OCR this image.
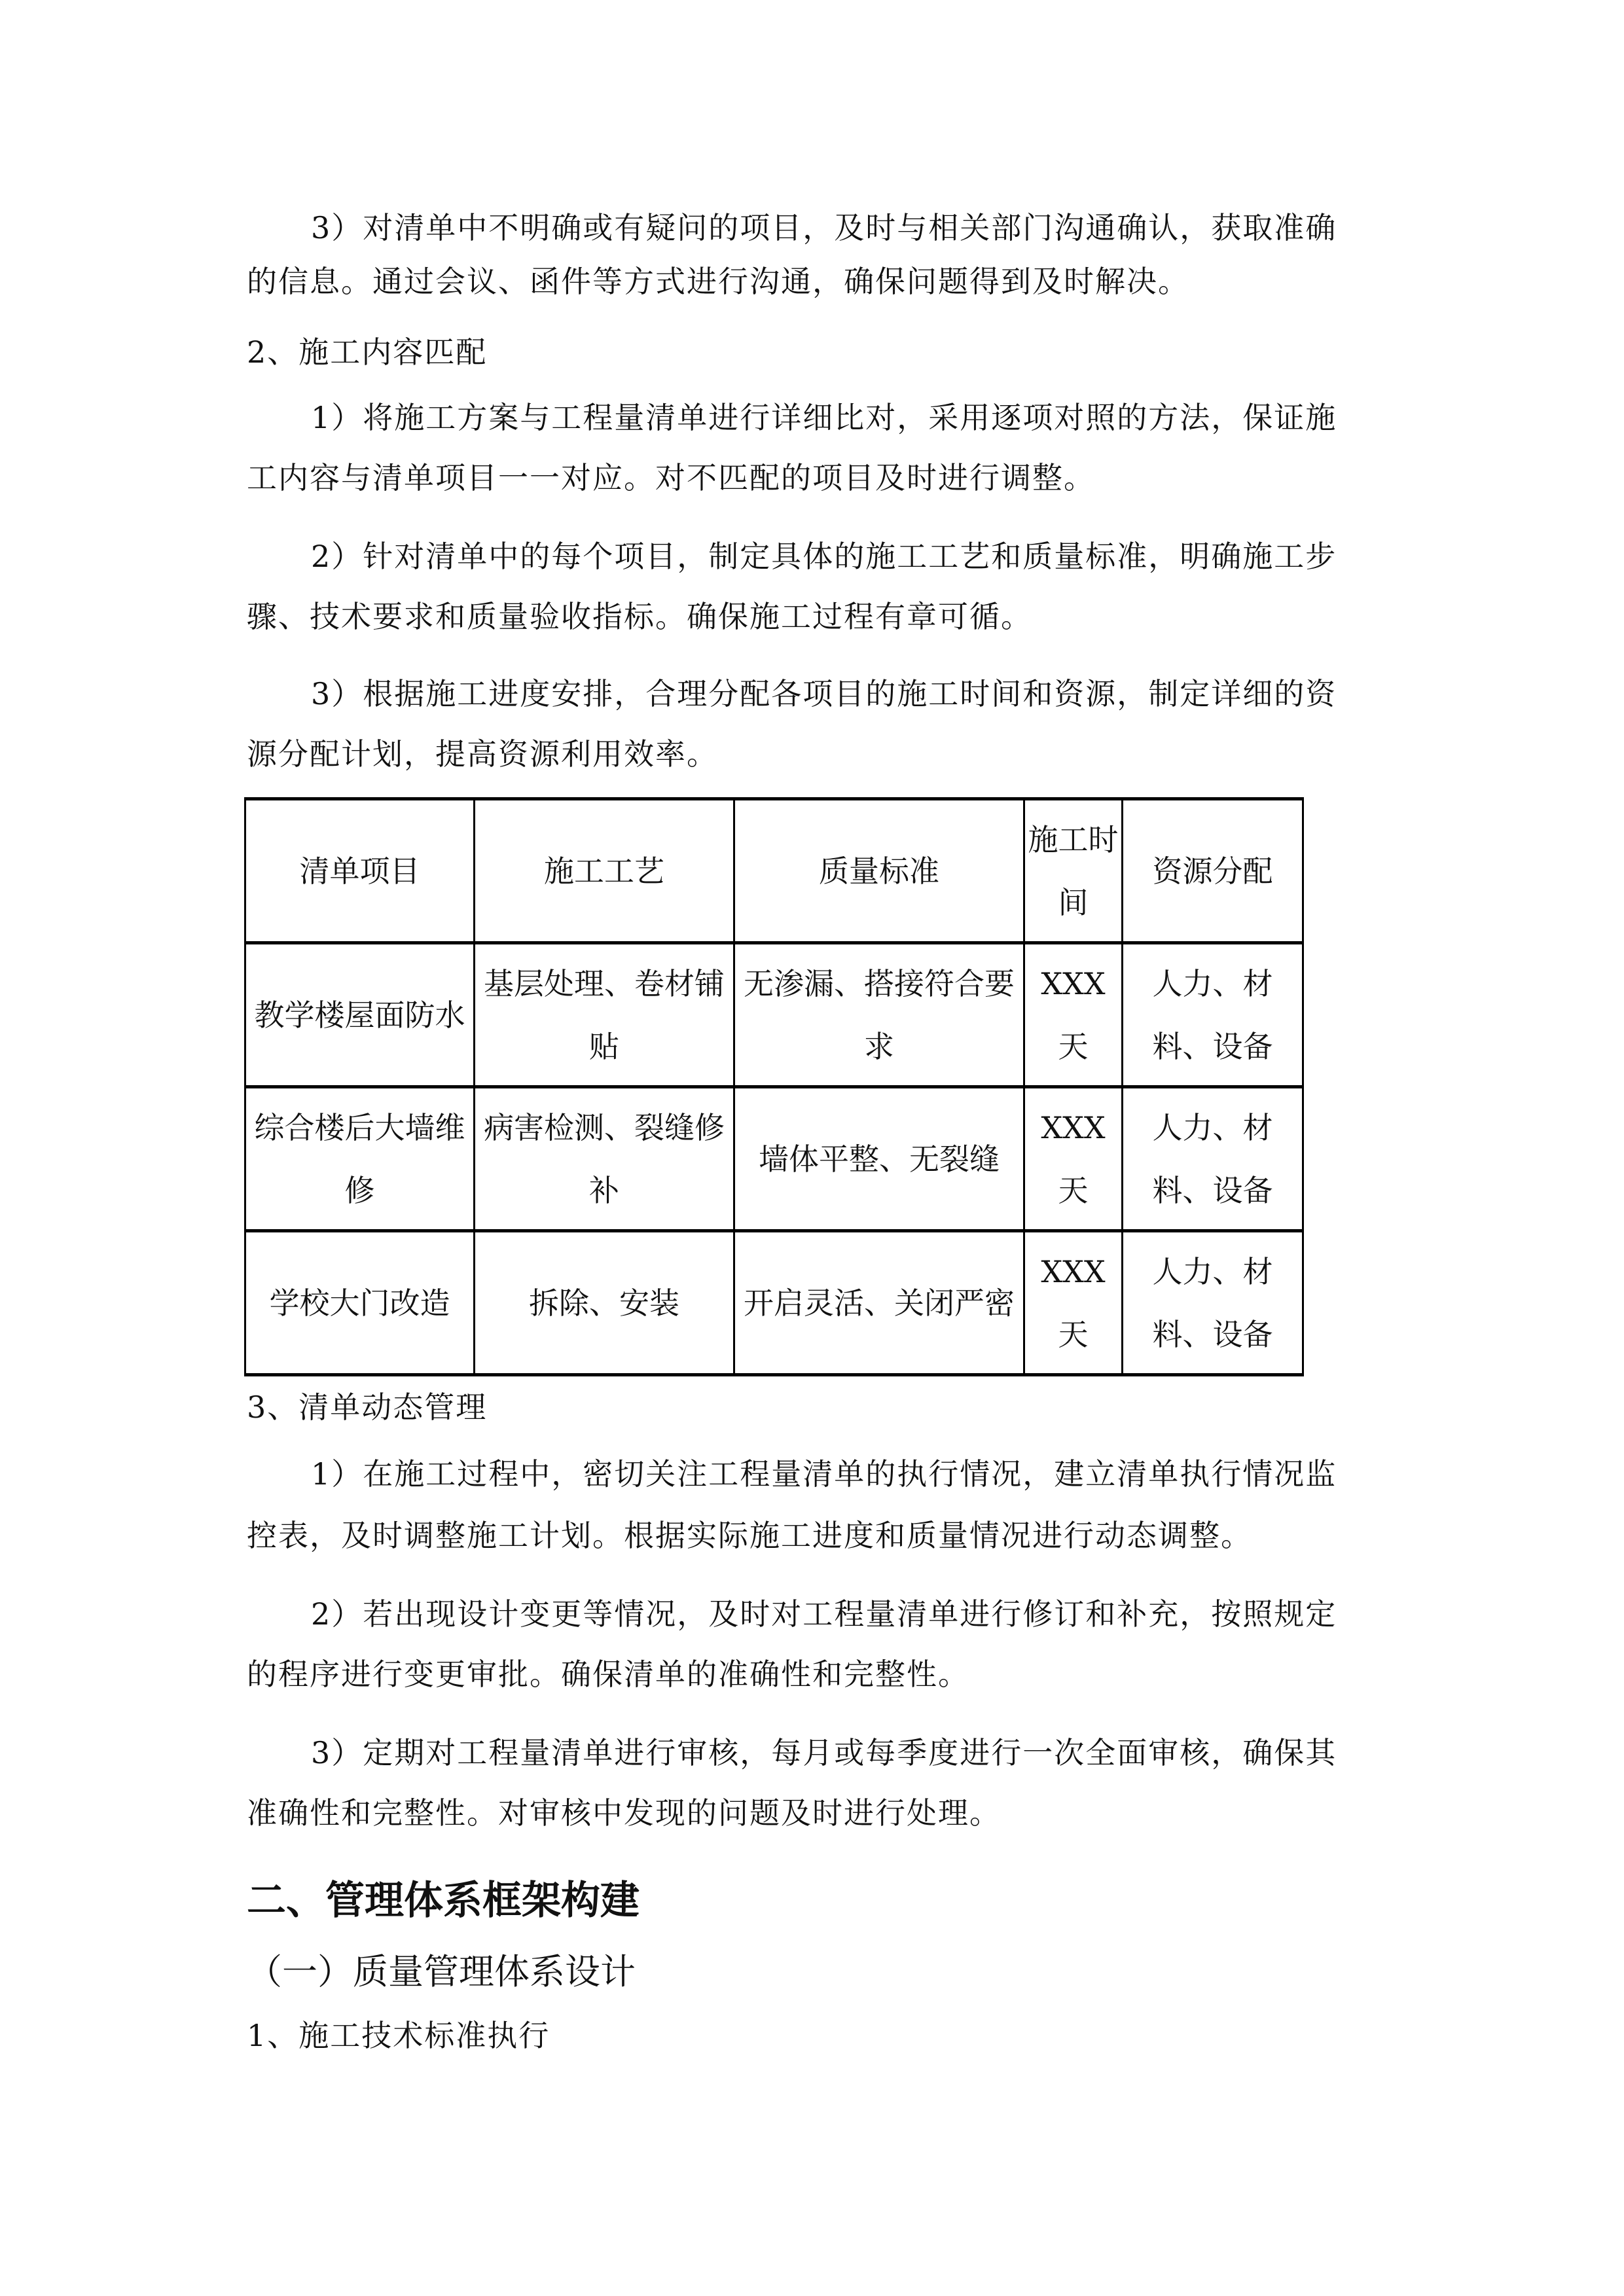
3）对清单中不明确或有疑问的项目，及时与相关部门沟通确认，获取准确
的信息。通过会议、函件等方式进行沟通，确保问题得到及时解决。
2、施工内容匹配
1）将施工方案与工程量清单进行详细比对，采用逐项对照的方法，保证施
工内容与清单项目一一对应。对不匹配的项目及时进行调整。
2）针对清单中的每个项目，制定具体的施工工艺和质量标准，明确施工步
骤、技术要求和质量验收指标。确保施工过程有章可循。
3）根据施工进度安排，合理分配各项目的施工时间和资源，制定详细的资
源分配计划，提高资源利用效率。
清单项目	施工工艺	质量标准	施工时间	资源分配
教学楼屋面防水	基层处理、卷材铺贴	无渗漏、搭接符合要求	XXX天	人力、材料、设备
综合楼后大墙维修	病害检测、裂缝修补	墙体平整、无裂缝	XXX天	人力、材料、设备
学校大门改造	拆除、安装	开启灵活、关闭严密	XXX天	人力、材料、设备
3、清单动态管理
1）在施工过程中，密切关注工程量清单的执行情况，建立清单执行情况监
控表，及时调整施工计划。根据实际施工进度和质量情况进行动态调整。
2）若出现设计变更等情况，及时对工程量清单进行修订和补充，按照规定
的程序进行变更审批。确保清单的准确性和完整性。
3）定期对工程量清单进行审核，每月或每季度进行一次全面审核，确保其
准确性和完整性。对审核中发现的问题及时进行处理。
二、管理体系框架构建
（一）质量管理体系设计
1、施工技术标准执行
